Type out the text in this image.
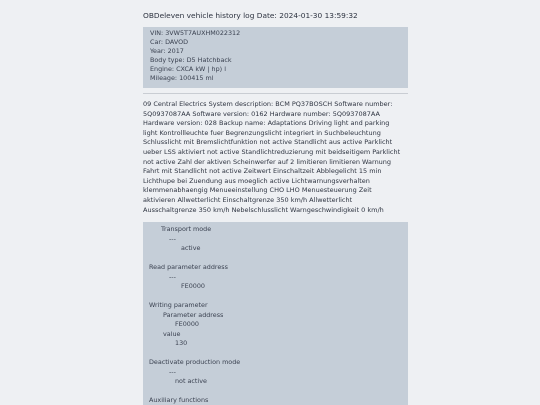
OBDeleven vehicle history log Date: 2024-01-30 13:59:32
VIN: 3VW5T7AUXHM022312
Car: DAVOD
Year: 2017
Body type: D5 Hatchback
Engine: CXCA kW | hp) l
Mileage: 100415 ml
09 Central Electrics System description: BCM PQ37BOSCH Software number: 5Q0937087AA Software version: 0162 Hardware number: 5Q0937087AA Hardware version: 028 Backup name: Adaptations Driving light and parking light Kontrollleuchte fuer Begrenzungslicht integriert in Suchbeleuchtung Schlusslicht mit Bremslichtfunktion not active Standlicht aus active Parklicht ueber LSS aktiviert not active Standlichtreduzierung mit beidseitigem Parklicht not active Zahl der aktiven Scheinwerfer auf 2 limitieren limitieren Warnung Fahrt mit Standlicht not active Zeitwert Einschaltzeit Abblegelicht 15 min Lichthupe bei Zuendung aus moeglich active Lichtwarnungsverhalten klemmenabhaengig Menueeinstellung CHO LHO Menuesteuerung Zeit aktivieren Allwetterlicht Einschaltgrenze 350 km/h Allwetterlicht Ausschaltgrenze 350 km/h Nebelschlusslicht Warngeschwindigkeit 0 km/h
Transport mode
---
active
Read parameter address
---
FE0000
Writing parameter
Parameter address
FE0000
value
130
Deactivate production mode
---
not active
Auxiliary functions
